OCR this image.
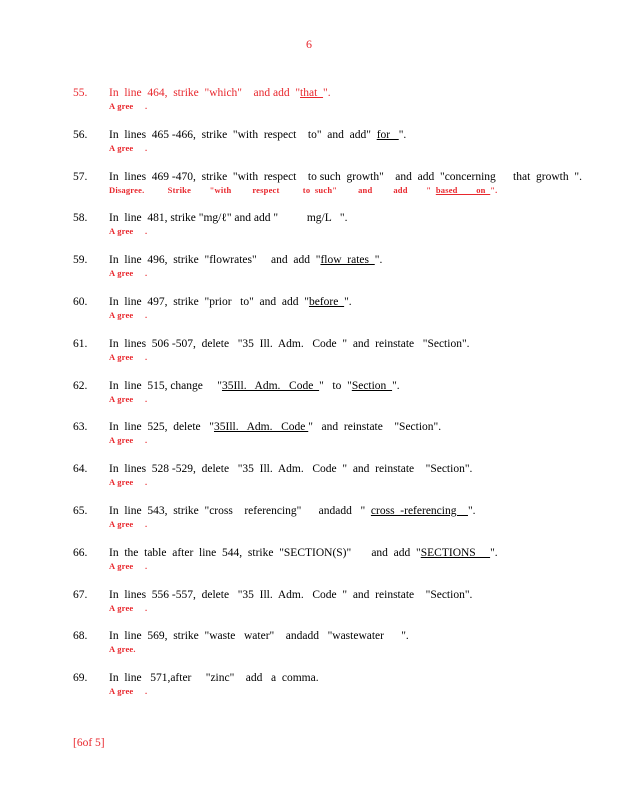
6
55. In  line  464,  strike  "which"    and add  "that  ".
A gree     .
56. In  lines  465 -466,  strike  "with  respect    to"  and  add"  for   ".
A gree     .
57. In  lines  469 -470,  strike  "with  respect    to such  growth"    and  add  "concerning      that  growth  ".
Disagree.          Strike        "with         respect          to  such"         and         add        "  based        on  ".
58. In  line  481, strike "mg/ℓ" and add "          mg/L   ".
A gree     .
59. In  line  496,  strike  "flowrates"     and  add  "flow  rates  ".
A gree     .
60. In  line  497,  strike  "prior   to"  and  add  "before  ".
A gree     .
61. In  lines  506 -507,  delete   "35  Ill.  Adm.   Code  "  and  reinstate   "Section".
A gree     .
62. In  line  515, change     "35Ill.   Adm.   Code  "   to  "Section  ".
A gree     .
63. In  line  525,  delete   "35Ill.   Adm.   Code "   and  reinstate    "Section".
A gree     .
64. In  lines  528 -529,  delete   "35  Ill.  Adm.   Code  "  and  reinstate    "Section".
A gree     .
65. In  line  543,  strike  "cross    referencing"      andadd   "  cross  -referencing    ".
A gree     .
66. In  the  table  after  line  544,  strike  "SECTION(S)"       and  add  "SECTIONS     ".
A gree     .
67. In  lines  556 -557,  delete   "35  Ill.  Adm.   Code  "  and  reinstate    "Section".
A gree     .
68. In  line  569,  strike  "waste   water"    andadd   "wastewater      ".
A gree.
69. In  line   571,after     "zinc"    add   a  comma.
A gree     .
[6of 5]
